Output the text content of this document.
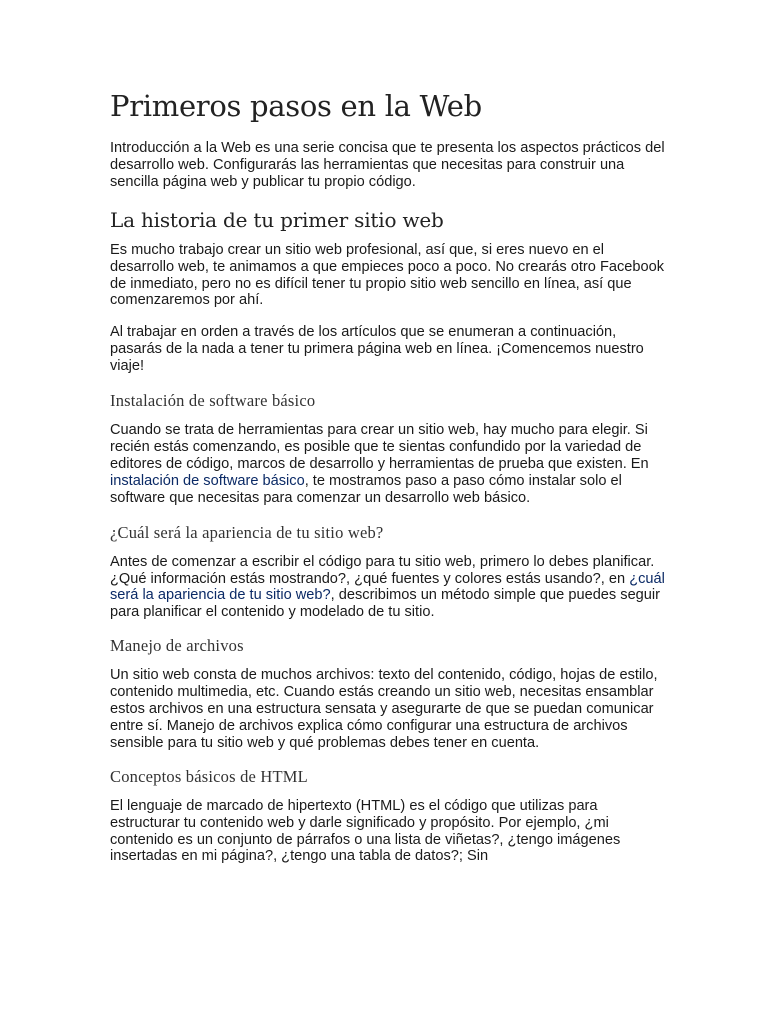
Primeros pasos en la Web

Introducción a la Web es una serie concisa que te presenta los aspectos prácticos del desarrollo web. Configurarás las herramientas que necesitas para construir una sencilla página web y publicar tu propio código.

La historia de tu primer sitio web

Es mucho trabajo crear un sitio web profesional, así que, si eres nuevo en el desarrollo web, te animamos a que empieces poco a poco. No crearás otro Facebook de inmediato, pero no es difícil tener tu propio sitio web sencillo en línea, así que comenzaremos por ahí.

Al trabajar en orden a través de los artículos que se enumeran a continuación, pasarás de la nada a tener tu primera página web en línea. ¡Comencemos nuestro viaje!

Instalación de software básico

Cuando se trata de herramientas para crear un sitio web, hay mucho para elegir. Si recién estás comenzando, es posible que te sientas confundido por la variedad de editores de código, marcos de desarrollo y herramientas de prueba que existen. En instalación de software básico, te mostramos paso a paso cómo instalar solo el software que necesitas para comenzar un desarrollo web básico.

¿Cuál será la apariencia de tu sitio web?

Antes de comenzar a escribir el código para tu sitio web, primero lo debes planificar. ¿Qué información estás mostrando?, ¿qué fuentes y colores estás usando?, en ¿cuál será la apariencia de tu sitio web?, describimos un método simple que puedes seguir para planificar el contenido y modelado de tu sitio.

Manejo de archivos

Un sitio web consta de muchos archivos: texto del contenido, código, hojas de estilo, contenido multimedia, etc. Cuando estás creando un sitio web, necesitas ensamblar estos archivos en una estructura sensata y asegurarte de que se puedan comunicar entre sí. Manejo de archivos explica cómo configurar una estructura de archivos sensible para tu sitio web y qué problemas debes tener en cuenta.

Conceptos básicos de HTML

El lenguaje de marcado de hipertexto (HTML) es el código que utilizas para estructurar tu contenido web y darle significado y propósito. Por ejemplo, ¿mi contenido es un conjunto de párrafos o una lista de viñetas?, ¿tengo imágenes insertadas en mi página?, ¿tengo una tabla de datos?; Sin
